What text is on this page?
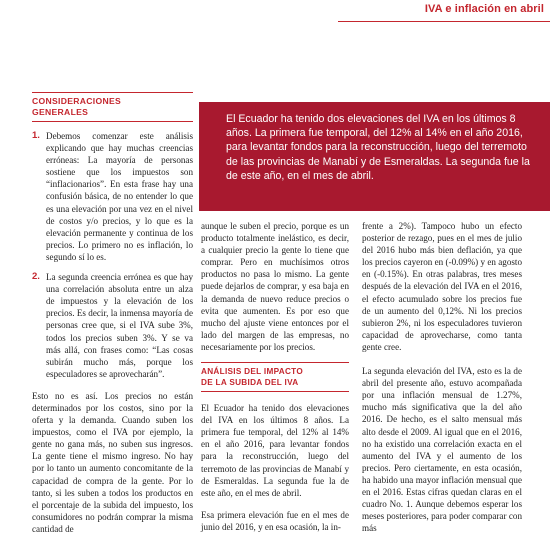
IVA e inflación en abril
CONSIDERACIONES
GENERALES
1. Debemos comenzar este análisis explicando que hay muchas creencias erróneas: La mayoría de personas sostiene que los impuestos son “inflacionarios”. En esta frase hay una confusión básica, de no entender lo que es una elevación por una vez en el nivel de costos y/o precios, y lo que es la elevación permanente y continua de los precios. Lo primero no es inflación, lo segundo sí lo es.

2. La segunda creencia errónea es que hay una correlación absoluta entre un alza de impuestos y la elevación de los precios. Es decir, la inmensa mayoría de personas cree que, si el IVA sube 3%, todos los precios suben 3%. Y se va más allá, con frases como: “Las cosas subirán mucho más, porque los especuladores se aprovecharán”.

Esto no es así. Los precios no están determinados por los costos, sino por la oferta y la demanda. Cuando suben los impuestos, como el IVA por ejemplo, la gente no gana más, no suben sus ingresos. La gente tiene el mismo ingreso. No hay por lo tanto un aumento concomitante de la capacidad de compra de la gente. Por lo tanto, si les suben a todos los productos en el porcentaje de la subida del impuesto, los consumidores no podrán comprar la misma cantidad de

El Ecuador ha tenido dos elevaciones del IVA en los últimos 8 años. La primera fue temporal, del 12% al 14% en el año 2016, para levantar fondos para la reconstrucción, luego del terremoto de las provincias de Manabí y de Esmeraldas. La segunda fue la de este año, en el mes de abril.

aunque le suben el precio, porque es un producto totalmente inelástico, es decir, a cualquier precio la gente lo tiene que comprar. Pero en muchísimos otros productos no pasa lo mismo. La gente puede dejarlos de comprar, y esa baja en la demanda de nuevo reduce precios o evita que aumenten. Es por eso que mucho del ajuste viene entonces por el lado del margen de las empresas, no necesariamente por los precios.

ANÁLISIS DEL IMPACTO
DE LA SUBIDA DEL IVA

El Ecuador ha tenido dos elevaciones del IVA en los últimos 8 años. La primera fue temporal, del 12% al 14% en el año 2016, para levantar fondos para la reconstrucción, luego del terremoto de las provincias de Manabí y de Esmeraldas. La segunda fue la de este año, en el mes de abril.

Esa primera elevación fue en el mes de junio del 2016, y en esa ocasión, la in-

frente a 2%). Tampoco hubo un efecto posterior de rezago, pues en el mes de julio del 2016 hubo más bien deflación, ya que los precios cayeron en (-0.09%) y en agosto en (-0.15%). En otras palabras, tres meses después de la elevación del IVA en el 2016, el efecto acumulado sobre los precios fue de un aumento del 0,12%. Ni los precios subieron 2%, ni los especuladores tuvieron capacidad de aprovecharse, como tanta gente cree.

La segunda elevación del IVA, esto es la de abril del presente año, estuvo acompañada por una inflación mensual de 1.27%, mucho más significativa que la del año 2016. De hecho, es el salto mensual más alto desde el 2009. Al igual que en el 2016, no ha existido una correlación exacta en el aumento del IVA y el aumento de los precios. Pero ciertamente, en esta ocasión, ha habido una mayor inflación mensual que en el 2016. Estas cifras quedan claras en el cuadro No. 1. Aunque debemos esperar los meses posteriores, para poder comparar con más
